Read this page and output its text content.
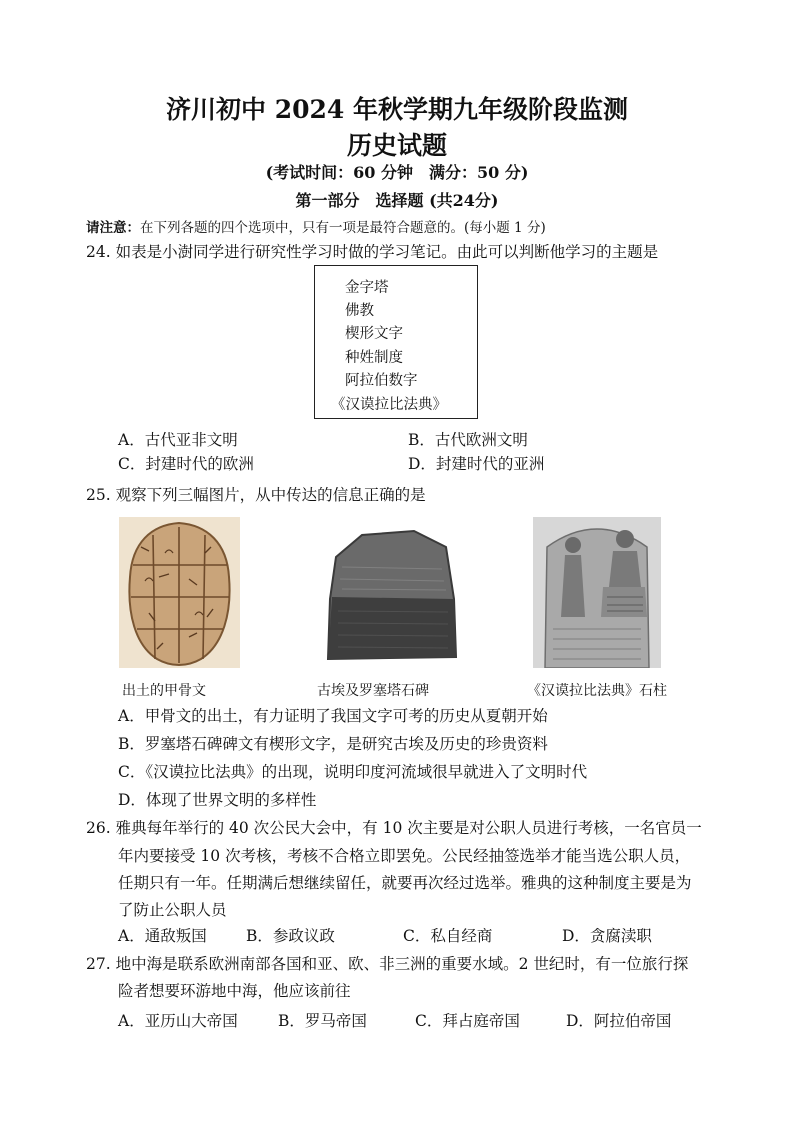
济川初中 2024 年秋学期九年级阶段监测
历史试题
(考试时间：60 分钟　满分：50 分)
第一部分　选择题 (共24分)
请注意：在下列各题的四个选项中，只有一项是最符合题意的。(每小题 1 分)
24. 如表是小澍同学进行研究性学习时做的学习笔记。由此可以判断他学习的主题是
金字塔
佛教
楔形文字
种姓制度
阿拉伯数字
《汉谟拉比法典》
A．古代亚非文明	B．古代欧洲文明
C．封建时代的欧洲	D．封建时代的亚洲
25. 观察下列三幅图片，从中传达的信息正确的是
出土的甲骨文	古埃及罗塞塔石碑	《汉谟拉比法典》石柱
A．甲骨文的出土，有力证明了我国文字可考的历史从夏朝开始
B．罗塞塔石碑碑文有楔形文字，是研究古埃及历史的珍贵资料
C．《汉谟拉比法典》的出现，说明印度河流域很早就进入了文明时代
D．体现了世界文明的多样性
26. 雅典每年举行的 40 次公民大会中，有 10 次主要是对公职人员进行考核，一名官员一
年内要接受 10 次考核，考核不合格立即罢免。公民经抽签选举才能当选公职人员，
任期只有一年。任期满后想继续留任，就要再次经过选举。雅典的这种制度主要是为
了防止公职人员
A．通敌叛国	B．参政议政	C．私自经商	D．贪腐渎职
27. 地中海是联系欧洲南部各国和亚、欧、非三洲的重要水域。2 世纪时，有一位旅行探
险者想要环游地中海，他应该前往
A．亚历山大帝国	B．罗马帝国	C．拜占庭帝国	D．阿拉伯帝国
